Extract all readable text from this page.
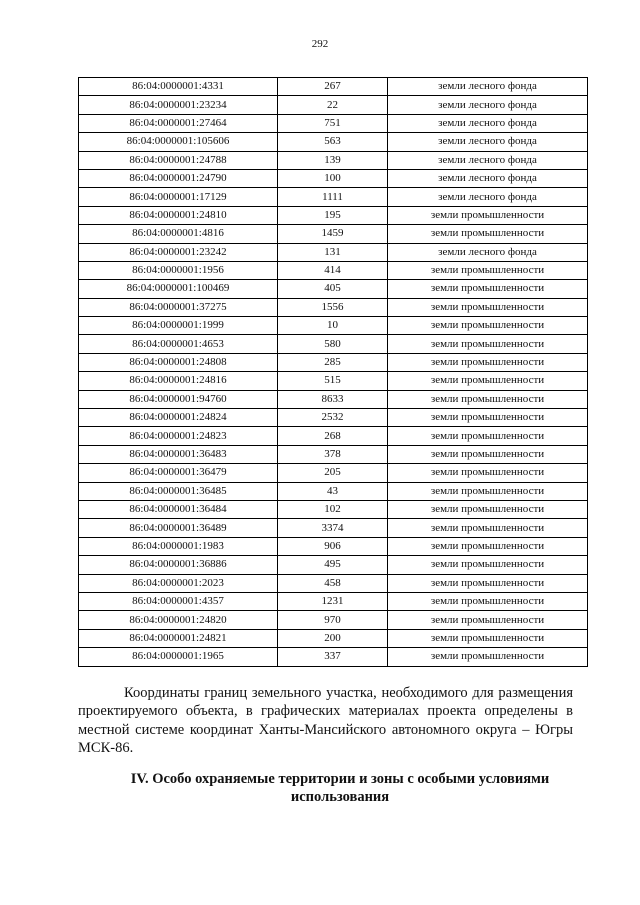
292
86:04:0000001:4331	267	земли лесного фонда
86:04:0000001:23234	22	земли лесного фонда
86:04:0000001:27464	751	земли лесного фонда
86:04:0000001:105606	563	земли лесного фонда
86:04:0000001:24788	139	земли лесного фонда
86:04:0000001:24790	100	земли лесного фонда
86:04:0000001:17129	1111	земли лесного фонда
86:04:0000001:24810	195	земли промышленности
86:04:0000001:4816	1459	земли промышленности
86:04:0000001:23242	131	земли лесного фонда
86:04:0000001:1956	414	земли промышленности
86:04:0000001:100469	405	земли промышленности
86:04:0000001:37275	1556	земли промышленности
86:04:0000001:1999	10	земли промышленности
86:04:0000001:4653	580	земли промышленности
86:04:0000001:24808	285	земли промышленности
86:04:0000001:24816	515	земли промышленности
86:04:0000001:94760	8633	земли промышленности
86:04:0000001:24824	2532	земли промышленности
86:04:0000001:24823	268	земли промышленности
86:04:0000001:36483	378	земли промышленности
86:04:0000001:36479	205	земли промышленности
86:04:0000001:36485	43	земли промышленности
86:04:0000001:36484	102	земли промышленности
86:04:0000001:36489	3374	земли промышленности
86:04:0000001:1983	906	земли промышленности
86:04:0000001:36886	495	земли промышленности
86:04:0000001:2023	458	земли промышленности
86:04:0000001:4357	1231	земли промышленности
86:04:0000001:24820	970	земли промышленности
86:04:0000001:24821	200	земли промышленности
86:04:0000001:1965	337	земли промышленности

Координаты границ земельного участка, необходимого для размещения проектируемого объекта, в графических материалах проекта определены в местной системе координат Ханты-Мансийского автономного округа – Югры МСК-86.

IV. Особо охраняемые территории и зоны с особыми условиями использования
